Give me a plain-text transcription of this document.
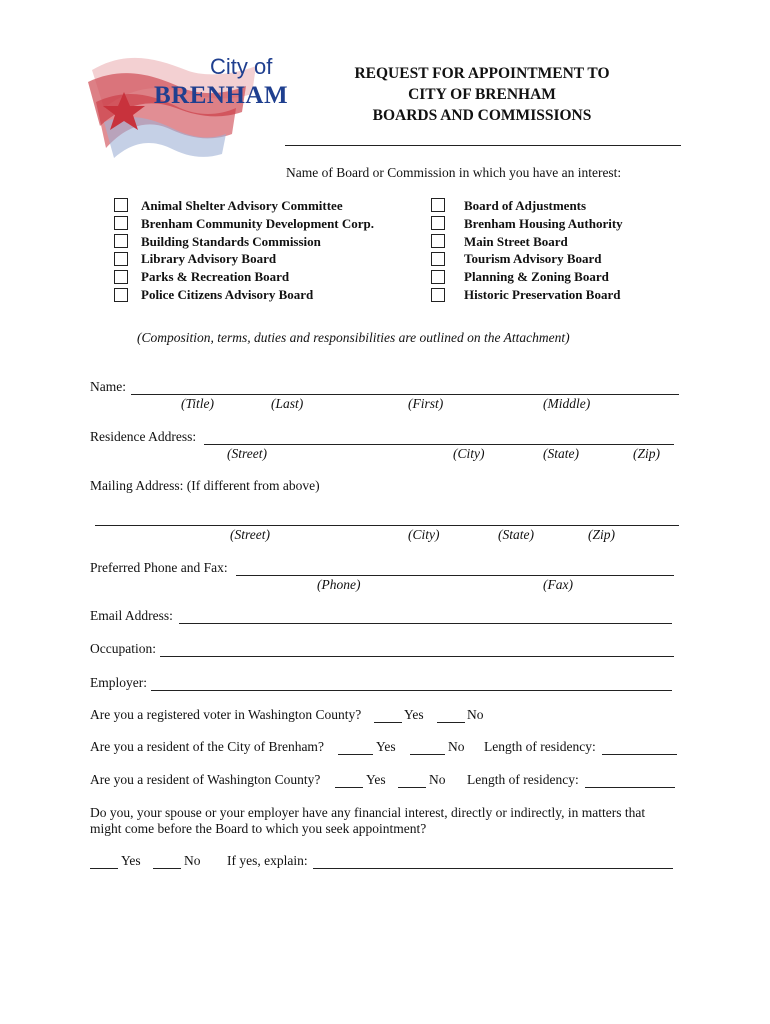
City of
BRENHAM
REQUEST FOR APPOINTMENT TO
CITY OF BRENHAM
BOARDS AND COMMISSIONS
Name of Board or Commission in which you have an interest:
Animal Shelter Advisory Committee
Brenham Community Development Corp.
Building Standards Commission
Library Advisory Board
Parks & Recreation Board
Police Citizens Advisory Board
Board of Adjustments
Brenham Housing Authority
Main Street Board
Tourism Advisory Board
Planning & Zoning Board
Historic Preservation Board
(Composition, terms, duties and responsibilities are outlined on the Attachment)
Name:
(Title)	(Last)	(First)	(Middle)
Residence Address:
(Street)	(City)	(State)	(Zip)
Mailing Address: (If different from above)
(Street)	(City)	(State)	(Zip)
Preferred Phone and Fax:
(Phone)	(Fax)
Email Address:
Occupation:
Employer:
Are you a registered voter in Washington County?	Yes	No
Are you a resident of the City of Brenham?	Yes	No Length of residency:
Are you a resident of Washington County?	Yes	No Length of residency:
Do you, your spouse or your employer have any financial interest, directly or indirectly, in matters that
might come before the Board to which you seek appointment?
Yes	No If yes, explain:
